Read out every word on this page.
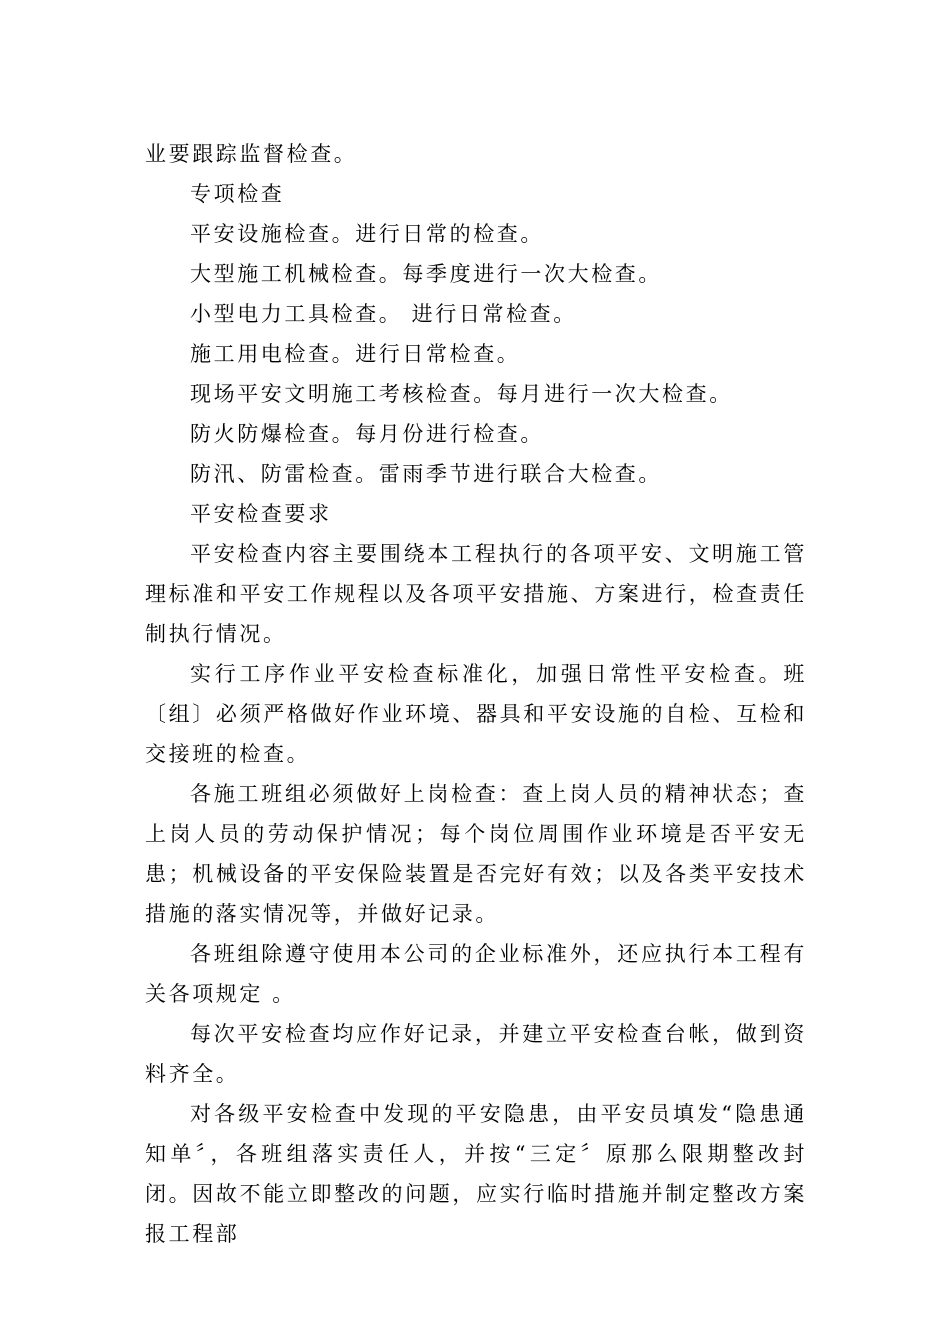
业要跟踪监督检查。

专项检查

平安设施检查。进行日常的检查。

大型施工机械检查。每季度进行一次大检查。

小型电力工具检查。 进行日常检查。

施工用电检查。进行日常检查。

现场平安文明施工考核检查。每月进行一次大检查。

防火防爆检查。每月份进行检查。

防汛、防雷检查。雷雨季节进行联合大检查。

平安检查要求

平安检查内容主要围绕本工程执行的各项平安、文明施工管理标准和平安工作规程以及各项平安措施、方案进行，检查责任制执行情况。

实行工序作业平安检查标准化，加强日常性平安检查。班〔组〕必须严格做好作业环境、器具和平安设施的自检、互检和交接班的检查。

各施工班组必须做好上岗检查：查上岗人员的精神状态；查上岗人员的劳动保护情况；每个岗位周围作业环境是否平安无患；机械设备的平安保险装置是否完好有效；以及各类平安技术措施的落实情况等，并做好记录。

各班组除遵守使用本公司的企业标准外，还应执行本工程有关各项规定 。

每次平安检查均应作好记录，并建立平安检查台帐，做到资料齐全。

对各级平安检查中发现的平安隐患，由平安员填发“隐患通知单〞，各班组落实责任人，并按“三定〞原那么限期整改封闭。因故不能立即整改的问题，应实行临时措施并制定整改方案报工程部
